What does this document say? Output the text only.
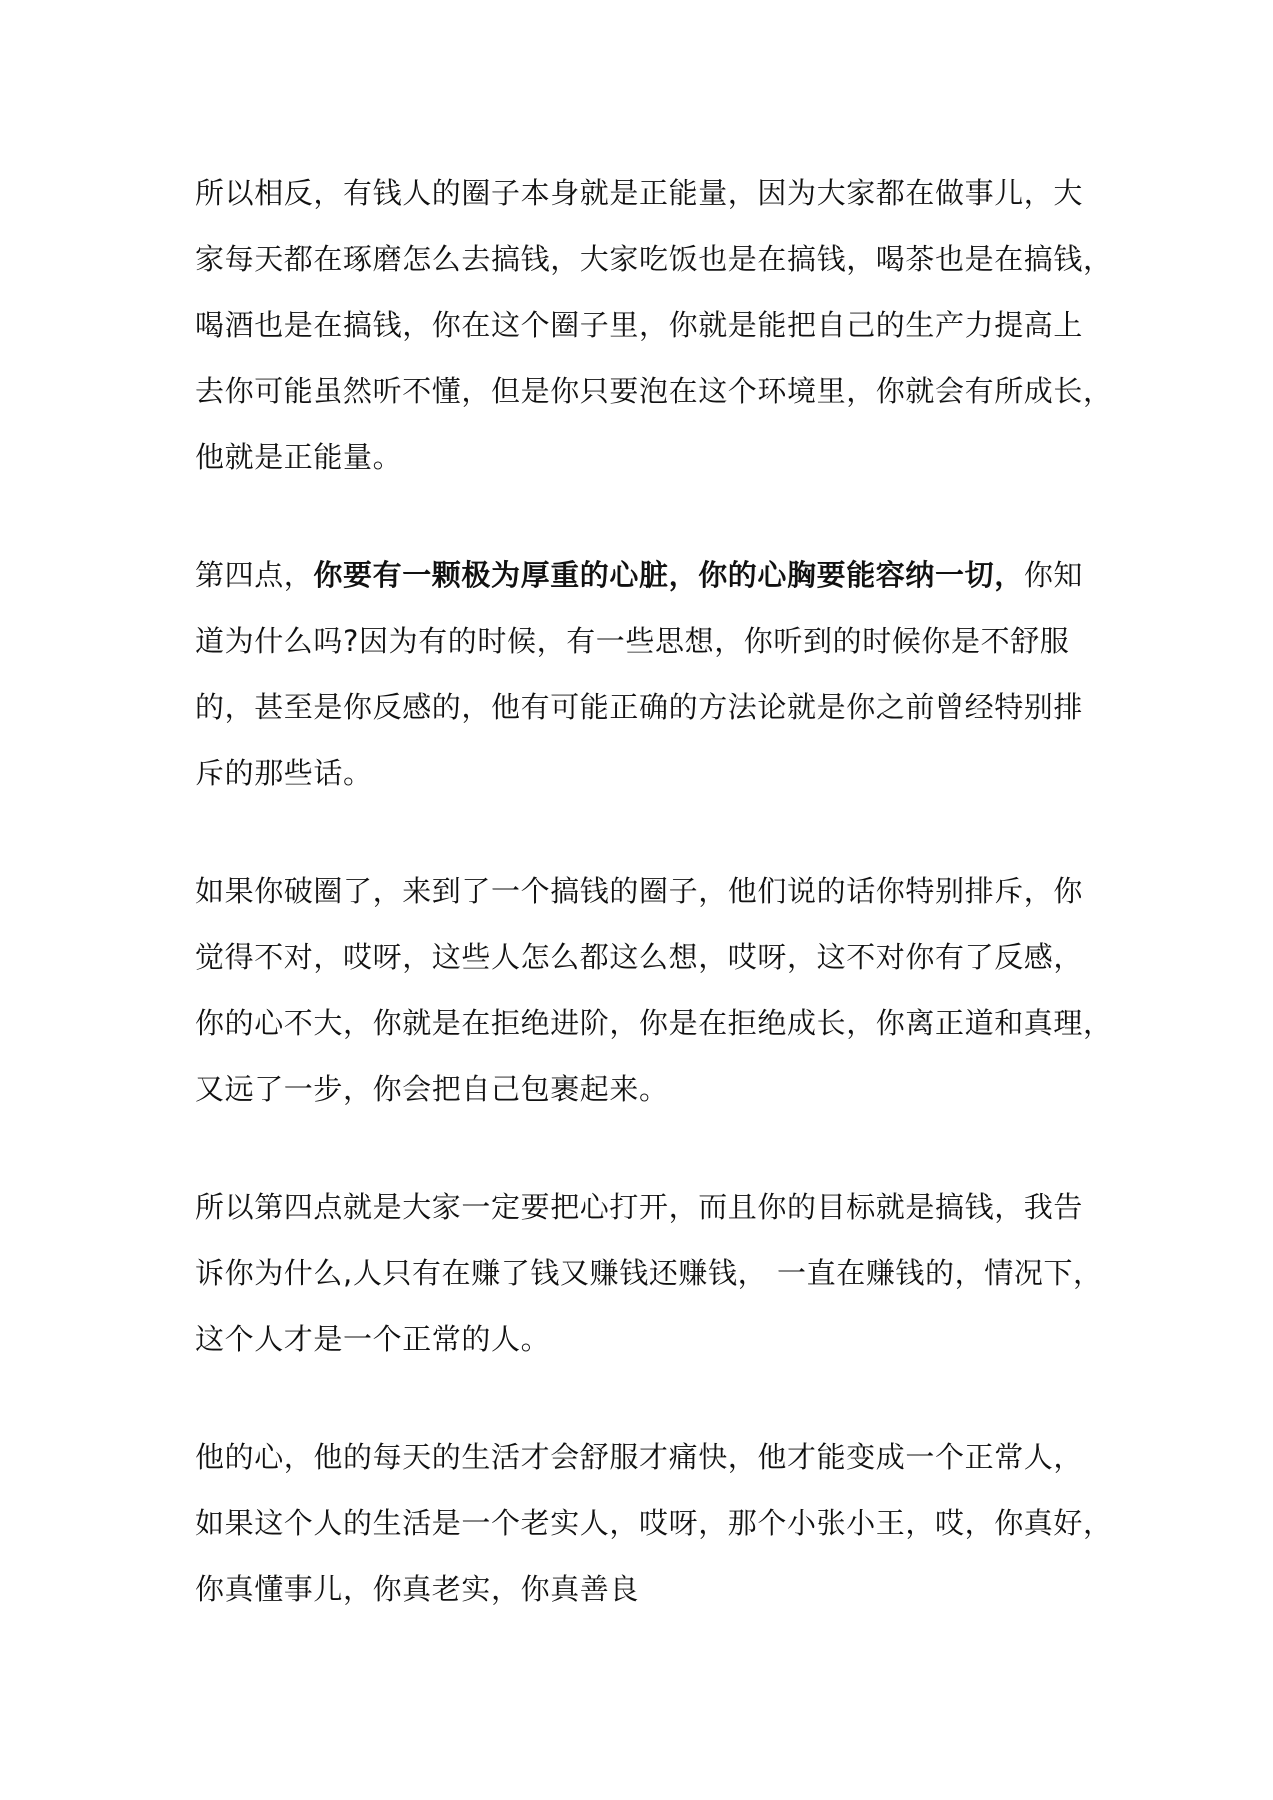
所以相反，有钱人的圈子本身就是正能量，因为大家都在做事儿，大
家每天都在琢磨怎么去搞钱，大家吃饭也是在搞钱，喝茶也是在搞钱，
喝酒也是在搞钱，你在这个圈子里，你就是能把自己的生产力提高上
去你可能虽然听不懂，但是你只要泡在这个环境里，你就会有所成长，
他就是正能量。

第四点，你要有一颗极为厚重的心脏，你的心胸要能容纳一切，你知
道为什么吗?因为有的时候，有一些思想，你听到的时候你是不舒服
的，甚至是你反感的，他有可能正确的方法论就是你之前曾经特别排
斥的那些话。

如果你破圈了，来到了一个搞钱的圈子，他们说的话你特别排斥，你
觉得不对，哎呀，这些人怎么都这么想，哎呀，这不对你有了反感，
你的心不大，你就是在拒绝进阶，你是在拒绝成长，你离正道和真理，
又远了一步，你会把自己包裹起来。

所以第四点就是大家一定要把心打开，而且你的目标就是搞钱，我告
诉你为什么,人只有在赚了钱又赚钱还赚钱， 一直在赚钱的，情况下，
这个人才是一个正常的人。

他的心，他的每天的生活才会舒服才痛快，他才能变成一个正常人，
如果这个人的生活是一个老实人，哎呀，那个小张小王，哎，你真好，
你真懂事儿，你真老实，你真善良
